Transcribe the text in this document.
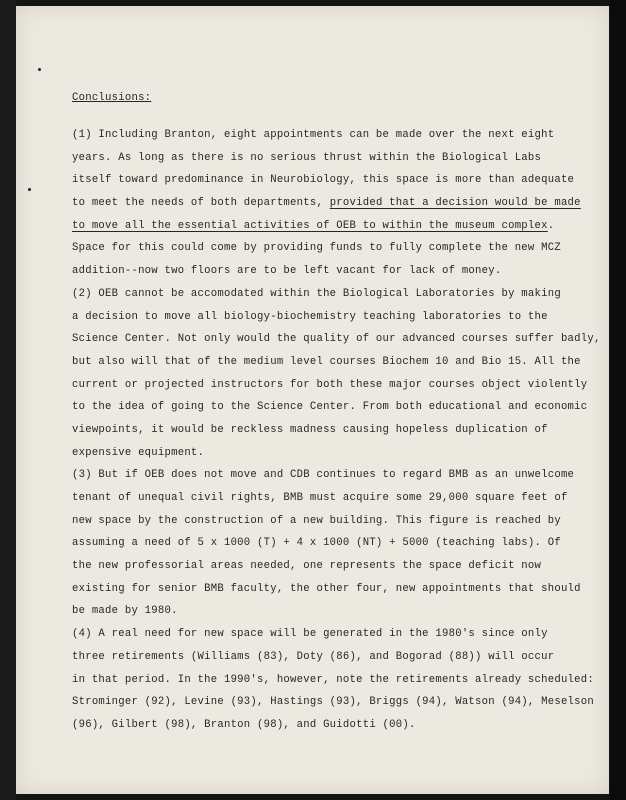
Conclusions:
(1) Including Branton, eight appointments can be made over the next eight
years. As long as there is no serious thrust within the Biological Labs
itself toward predominance in Neurobiology, this space is more than adequate
to meet the needs of both departments, provided that a decision would be made
to move all the essential activities of OEB to within the museum complex.
Space for this could come by providing funds to fully complete the new MCZ
addition--now two floors are to be left vacant for lack of money.
(2) OEB cannot be accomodated within the Biological Laboratories by making
a decision to move all biology-biochemistry teaching laboratories to the
Science Center. Not only would the quality of our advanced courses suffer badly,
but also will that of the medium level courses Biochem 10 and Bio 15. All the
current or projected instructors for both these major courses object violently
to the idea of going to the Science Center. From both educational and economic
viewpoints, it would be reckless madness causing hopeless duplication of
expensive equipment.
(3) But if OEB does not move and CDB continues to regard BMB as an unwelcome
tenant of unequal civil rights, BMB must acquire some 29,000 square feet of
new space by the construction of a new building. This figure is reached by
assuming a need of 5 x 1000 (T) + 4 x 1000 (NT) + 5000 (teaching labs). Of
the new professorial areas needed, one represents the space deficit now
existing for senior BMB faculty, the other four, new appointments that should
be made by 1980.
(4) A real need for new space will be generated in the 1980's since only
three retirements (Williams (83), Doty (86), and Bogorad (88)) will occur
in that period. In the 1990's, however, note the retirements already scheduled:
Strominger (92), Levine (93), Hastings (93), Briggs (94), Watson (94), Meselson
(96), Gilbert (98), Branton (98), and Guidotti (00).
